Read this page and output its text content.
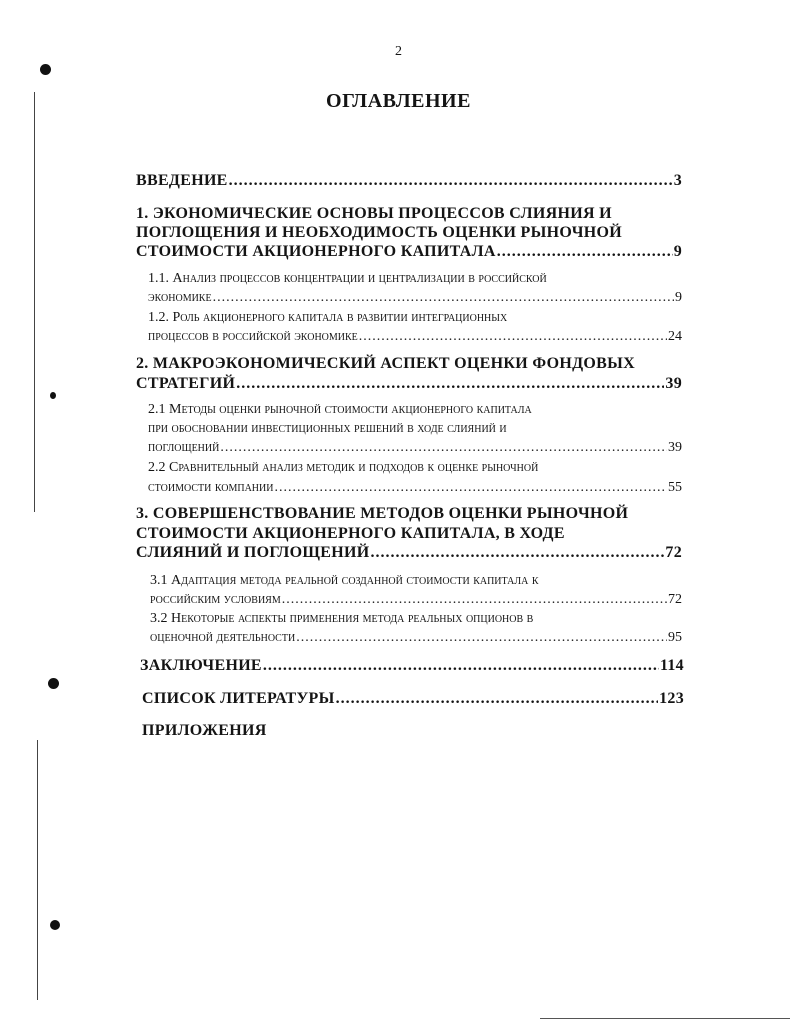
2
ОГЛАВЛЕНИЕ
ВВЕДЕНИЕ .....	3
1. ЭКОНОМИЧЕСКИЕ ОСНОВЫ ПРОЦЕССОВ СЛИЯНИЯ И
ПОГЛОЩЕНИЯ И НЕОБХОДИМОСТЬ ОЦЕНКИ РЫНОЧНОЙ
СТОИМОСТИ АКЦИОНЕРНОГО КАПИТАЛА .....	9
1.1. Анализ процессов концентрации и централизации в российской
экономике .....	9
1.2. Роль акционерного капитала в развитии интеграционных
процессов в российской экономике .....	24
2. МАКРОЭКОНОМИЧЕСКИЙ АСПЕКТ ОЦЕНКИ ФОНДОВЫХ
СТРАТЕГИЙ .....	39
2.1 Методы оценки рыночной стоимости акционерного капитала
при обосновании инвестиционных решений в ходе слияний и
поглощений .....	39
2.2 Сравнительный анализ методик и подходов к оценке рыночной
стоимости компании .....	55
3. СОВЕРШЕНСТВОВАНИЕ МЕТОДОВ ОЦЕНКИ РЫНОЧНОЙ
СТОИМОСТИ АКЦИОНЕРНОГО КАПИТАЛА, В ХОДЕ
СЛИЯНИЙ И ПОГЛОЩЕНИЙ .....	72
3.1 Адаптация метода реальной созданной стоимости капитала к
российским условиям .....	72
3.2 Некоторые аспекты применения метода реальных опционов в
оценочной деятельности .....	95
ЗАКЛЮЧЕНИЕ .....	114
СПИСОК ЛИТЕРАТУРЫ .....	123
ПРИЛОЖЕНИЯ
